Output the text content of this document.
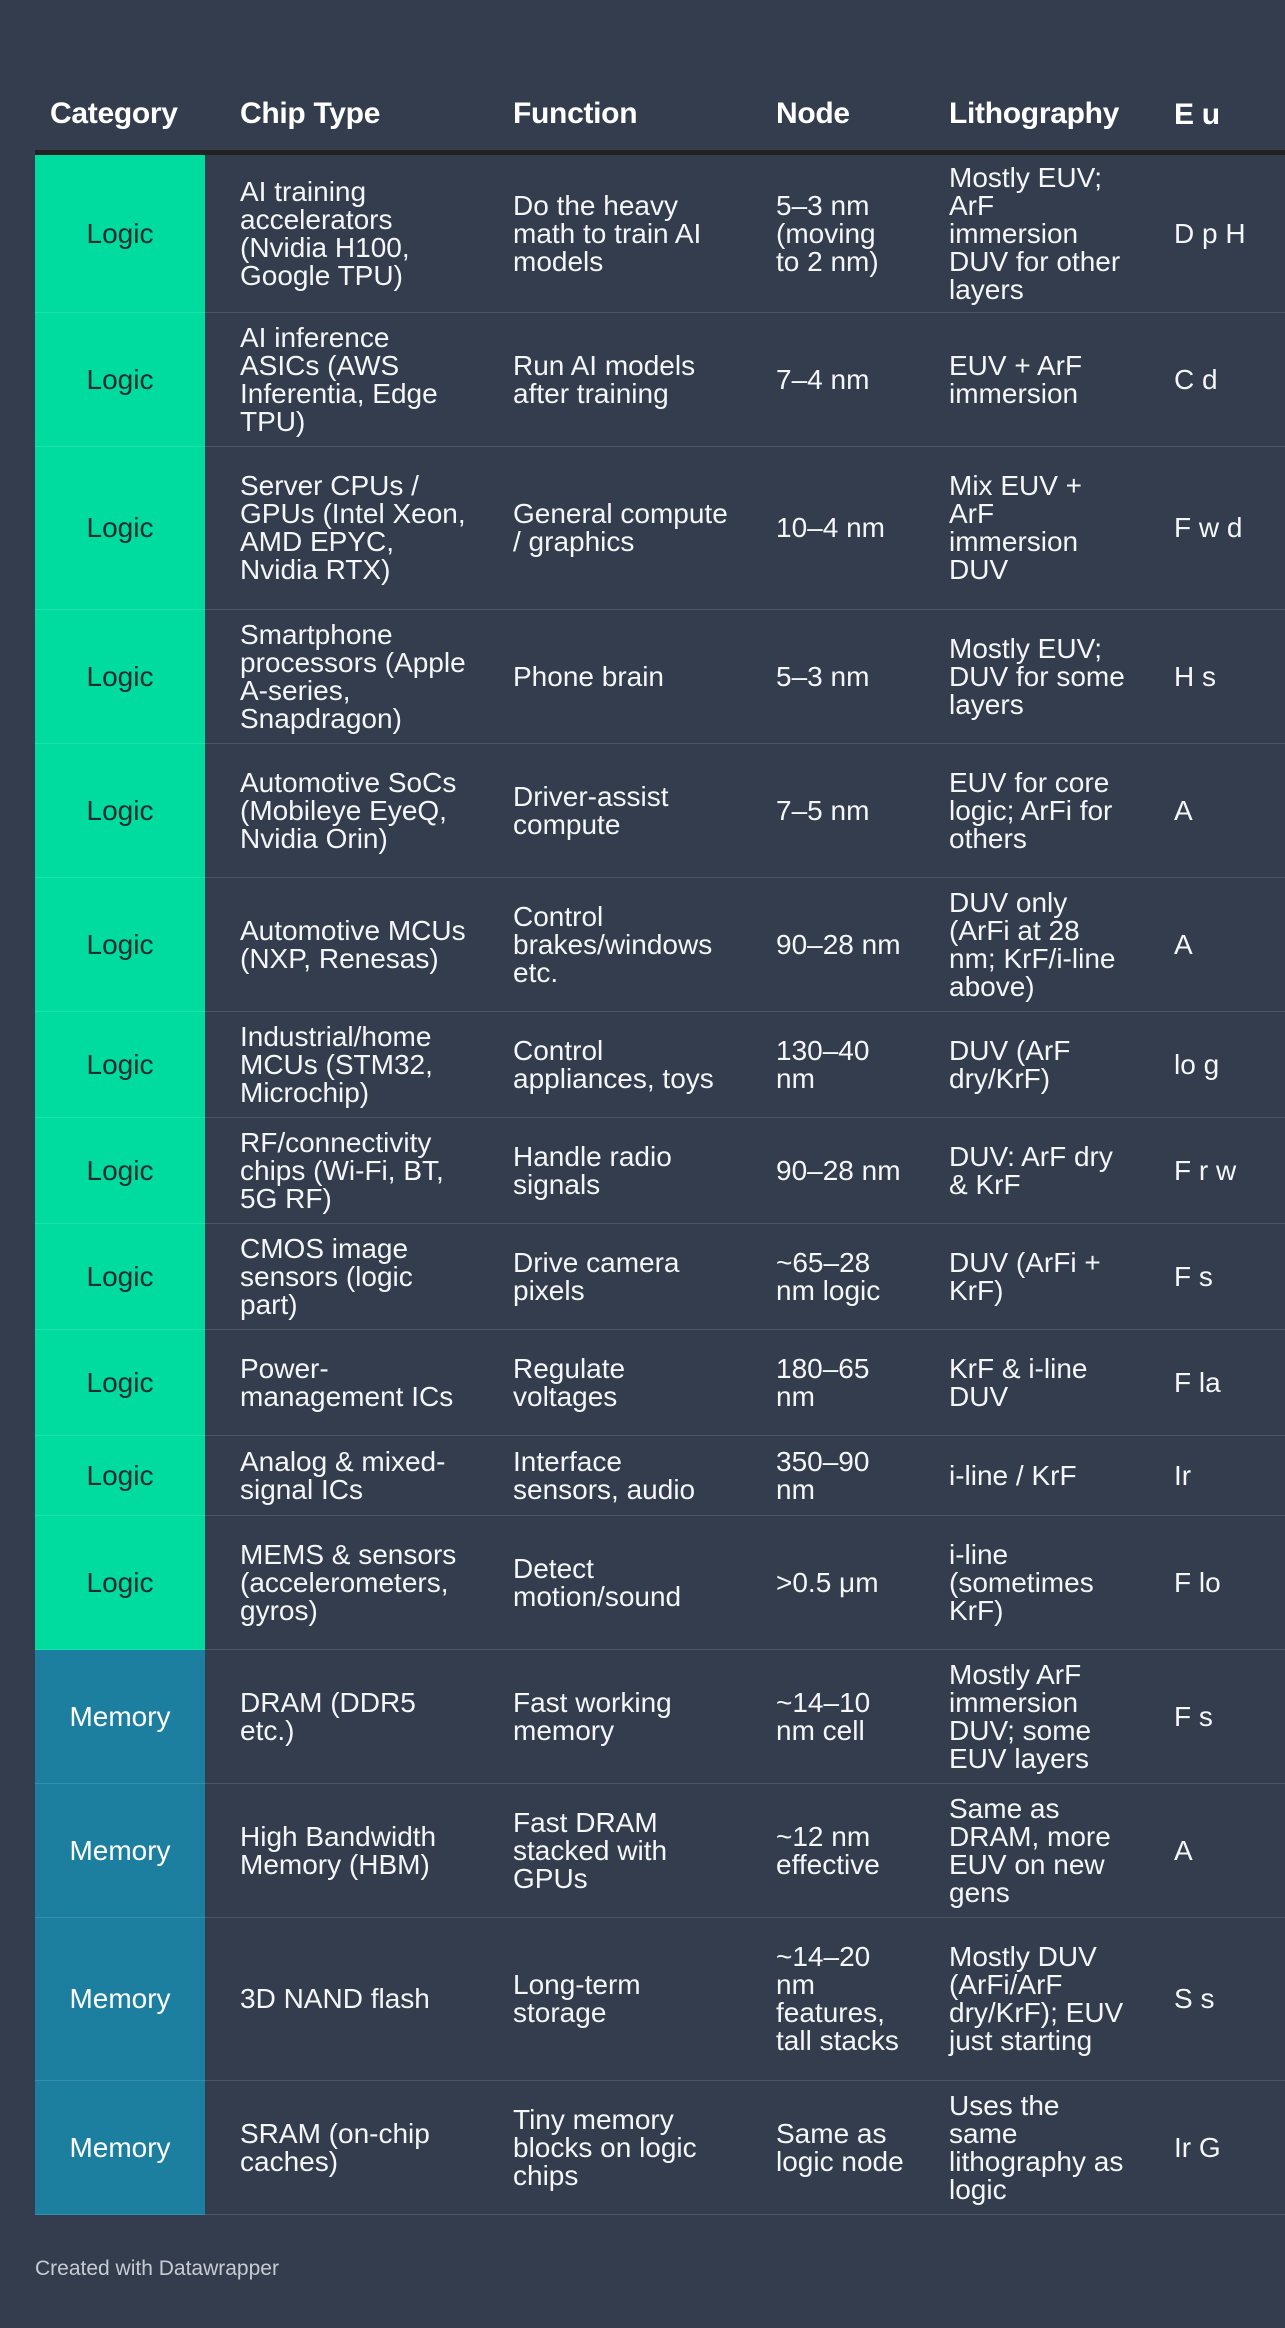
Category	Chip Type	Function	Node	Lithography	E u
Logic	AI training accelerators (Nvidia H100, Google TPU)	Do the heavy math to train AI models	5–3 nm (moving to 2 nm)	Mostly EUV; ArF immersion DUV for other layers	D p H
Logic	AI inference ASICs (AWS Inferentia, Edge TPU)	Run AI models after training	7–4 nm	EUV + ArF immersion	C d
Logic	Server CPUs / GPUs (Intel Xeon, AMD EPYC, Nvidia RTX)	General compute / graphics	10–4 nm	Mix EUV + ArF immersion DUV	F w d
Logic	Smartphone processors (Apple A-series, Snapdragon)	Phone brain	5–3 nm	Mostly EUV; DUV for some layers	H s
Logic	Automotive SoCs (Mobileye EyeQ, Nvidia Orin)	Driver-assist compute	7–5 nm	EUV for core logic; ArFi for others	A
Logic	Automotive MCUs (NXP, Renesas)	Control brakes/windows etc.	90–28 nm	DUV only (ArFi at 28 nm; KrF/i-line above)	A
Logic	Industrial/home MCUs (STM32, Microchip)	Control appliances, toys	130–40 nm	DUV (ArF dry/KrF)	lo g
Logic	RF/connectivity chips (Wi-Fi, BT, 5G RF)	Handle radio signals	90–28 nm	DUV: ArF dry & KrF	F r w
Logic	CMOS image sensors (logic part)	Drive camera pixels	~65–28 nm logic	DUV (ArFi + KrF)	F s
Logic	Power-management ICs	Regulate voltages	180–65 nm	KrF & i-line DUV	F la
Logic	Analog & mixed-signal ICs	Interface sensors, audio	350–90 nm	i-line / KrF	Ir
Logic	MEMS & sensors (accelerometers, gyros)	Detect motion/sound	>0.5 μm	i-line (sometimes KrF)	F lo
Memory	DRAM (DDR5 etc.)	Fast working memory	~14–10 nm cell	Mostly ArF immersion DUV; some EUV layers	F s
Memory	High Bandwidth Memory (HBM)	Fast DRAM stacked with GPUs	~12 nm effective	Same as DRAM, more EUV on new gens	A
Memory	3D NAND flash	Long-term storage	~14–20 nm features, tall stacks	Mostly DUV (ArFi/ArF dry/KrF); EUV just starting	S s
Memory	SRAM (on-chip caches)	Tiny memory blocks on logic chips	Same as logic node	Uses the same lithography as logic	Ir G
Created with Datawrapper
